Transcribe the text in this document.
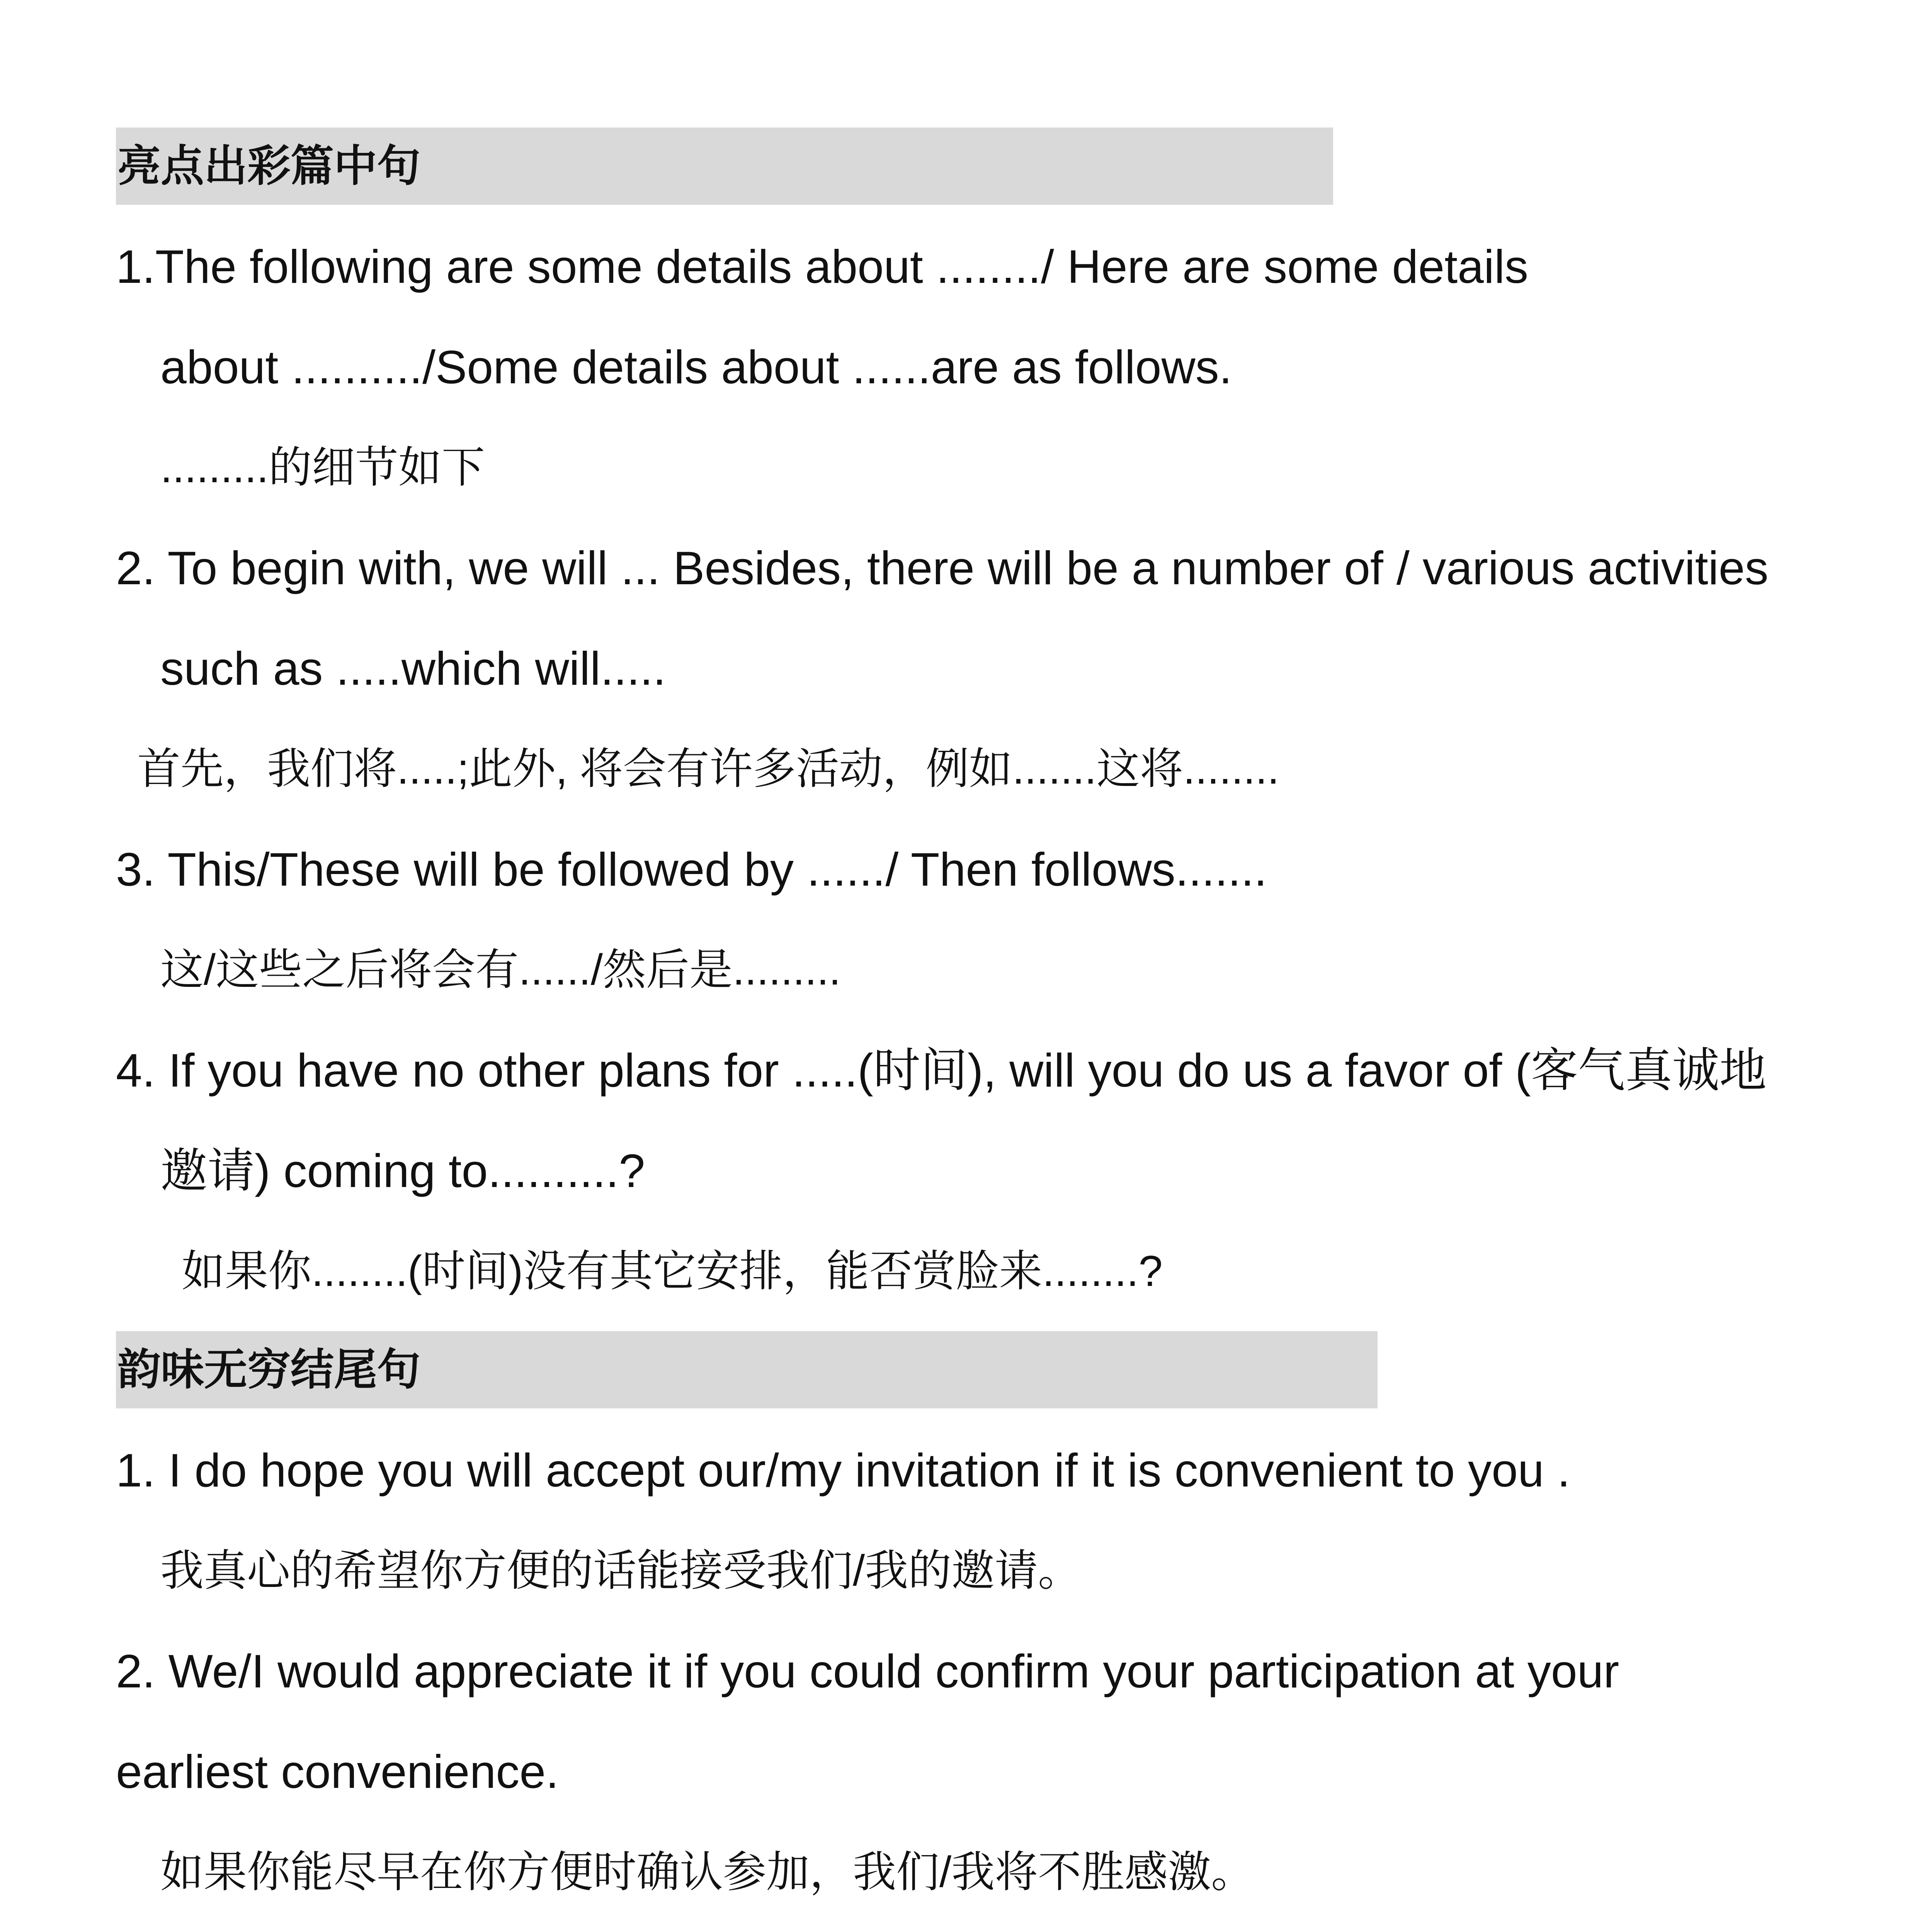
亮点出彩篇中句
1.The following are some details about ......../ Here are some details
about ........../Some details about ......are as follows.
.........的细节如下
2. To begin with, we will ... Besides, there will be a number of / various activities
such as .....which will.....
首先，我们将.....;此外, 将会有许多活动，例如.......这将........
3. This/These will be followed by ....../ Then follows.......
这/这些之后将会有....../然后是.........
4. If you have no other plans for .....(时间), will you do us a favor of (客气真诚地
邀请) coming to..........?
如果你........(时间)没有其它安排，能否赏脸来........?
韵味无穷结尾句
1. I do hope you will accept our/my invitation if it is convenient to you .
我真心的希望你方便的话能接受我们/我的邀请。
2. We/I would appreciate it if you could confirm your participation at your
earliest convenience.
如果你能尽早在你方便时确认参加，我们/我将不胜感激。
